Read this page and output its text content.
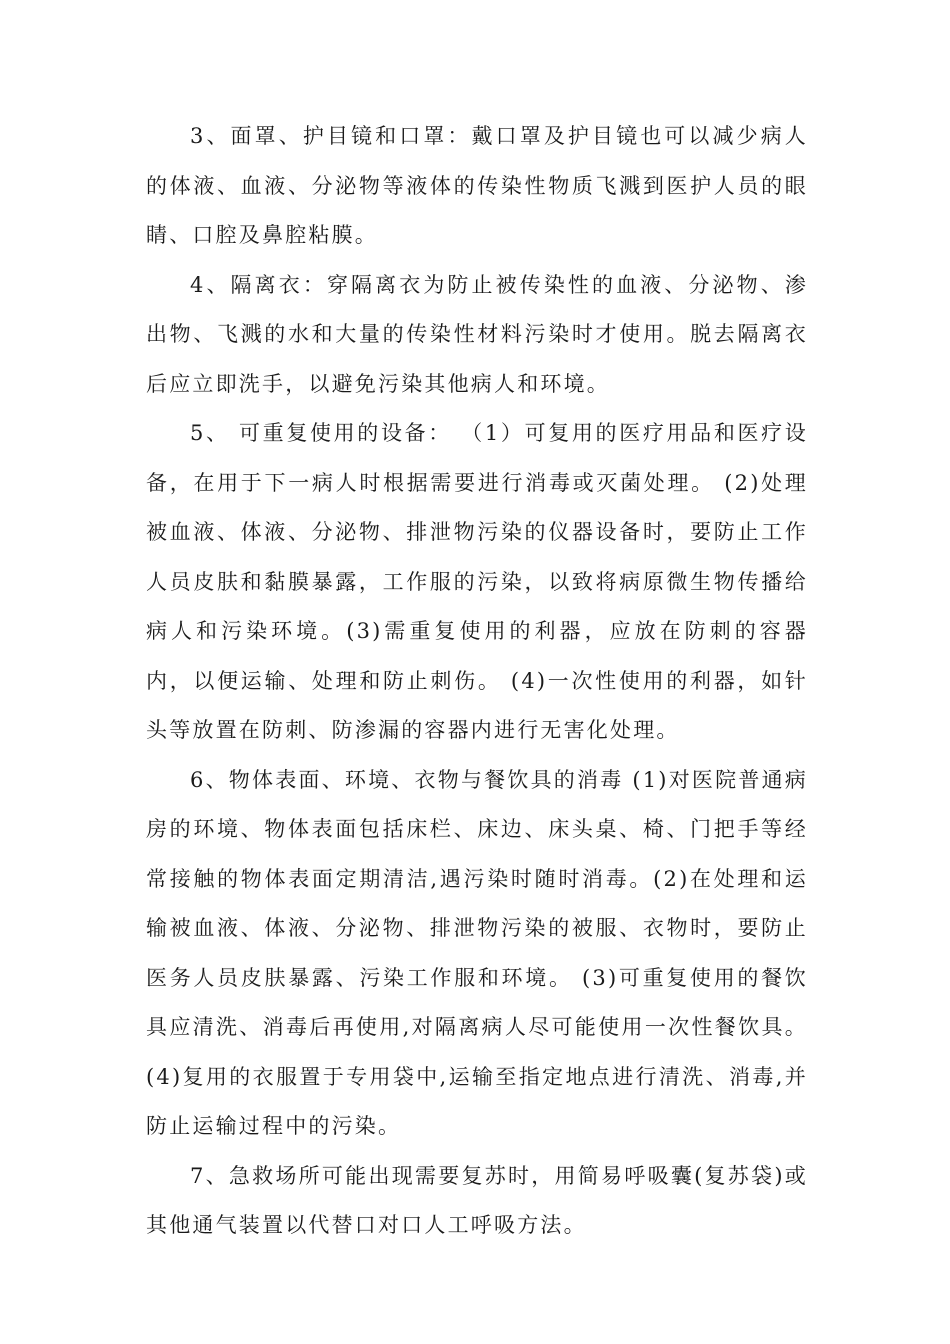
3、面罩、护目镜和口罩：戴口罩及护目镜也可以减少病人的体液、血液、分泌物等液体的传染性物质飞溅到医护人员的眼睛、口腔及鼻腔粘膜。

4、隔离衣：穿隔离衣为防止被传染性的血液、分泌物、渗出物、飞溅的水和大量的传染性材料污染时才使用。脱去隔离衣后应立即洗手，以避免污染其他病人和环境。

5、 可重复使用的设备： （1）可复用的医疗用品和医疗设备，在用于下一病人时根据需要进行消毒或灭菌处理。 (2)处理被血液、体液、分泌物、排泄物污染的仪器设备时，要防止工作人员皮肤和黏膜暴露，工作服的污染，以致将病原微生物传播给病人和污染环境。(3)需重复使用的利器，应放在防刺的容器内，以便运输、处理和防止刺伤。 (4)一次性使用的利器，如针头等放置在防刺、防渗漏的容器内进行无害化处理。

6、物体表面、环境、衣物与餐饮具的消毒 (1)对医院普通病房的环境、物体表面包括床栏、床边、床头桌、椅、门把手等经常接触的物体表面定期清洁,遇污染时随时消毒。(2)在处理和运输被血液、体液、分泌物、排泄物污染的被服、衣物时，要防止医务人员皮肤暴露、污染工作服和环境。 (3)可重复使用的餐饮具应清洗、消毒后再使用,对隔离病人尽可能使用一次性餐饮具。 (4)复用的衣服置于专用袋中,运输至指定地点进行清洗、消毒,并防止运输过程中的污染。

7、急救场所可能出现需要复苏时，用简易呼吸囊(复苏袋)或其他通气装置以代替口对口人工呼吸方法。
